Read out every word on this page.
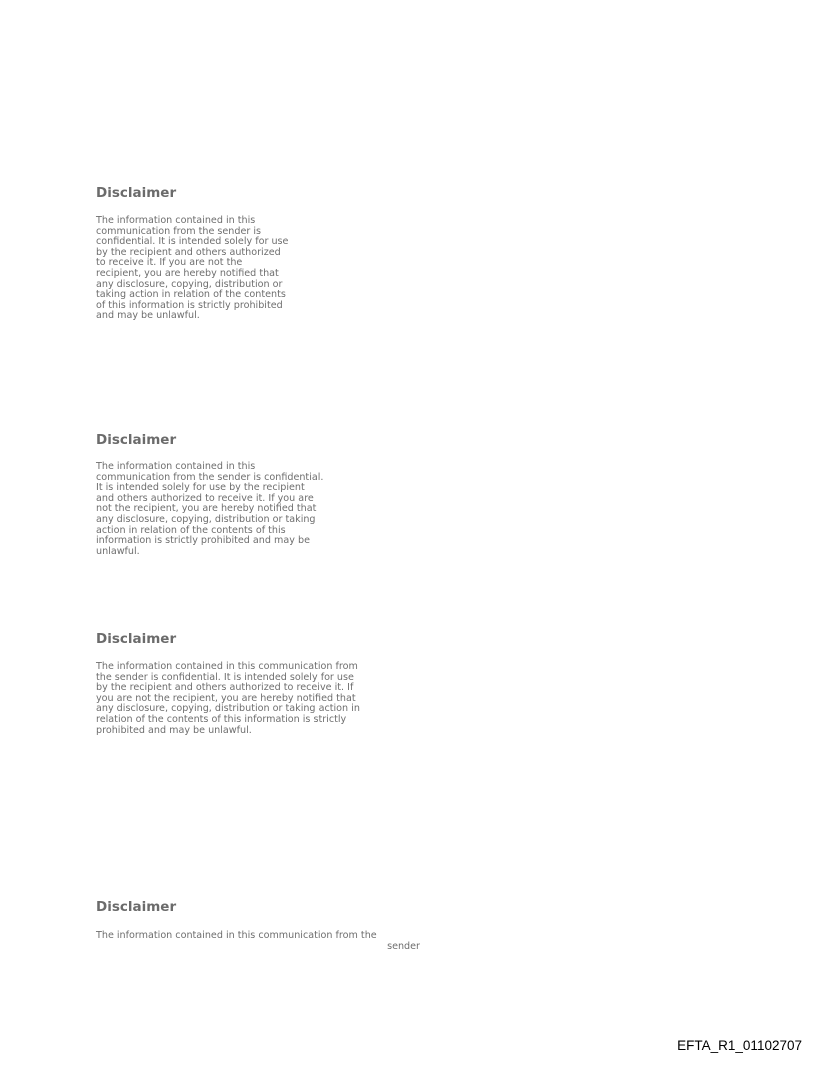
Disclaimer

The information contained in this
communication from the sender is
confidential. It is intended solely for use
by the recipient and others authorized
to receive it. If you are not the
recipient, you are hereby notified that
any disclosure, copying, distribution or
taking action in relation of the contents
of this information is strictly prohibited
and may be unlawful.

Disclaimer

The information contained in this
communication from the sender is confidential.
It is intended solely for use by the recipient
and others authorized to receive it. If you are
not the recipient, you are hereby notified that
any disclosure, copying, distribution or taking
action in relation of the contents of this
information is strictly prohibited and may be
unlawful.

Disclaimer

The information contained in this communication from
the sender is confidential. It is intended solely for use
by the recipient and others authorized to receive it. If
you are not the recipient, you are hereby notified that
any disclosure, copying, distribution or taking action in
relation of the contents of this information is strictly
prohibited and may be unlawful.

Disclaimer

The information contained in this communication from the
sender

EFTA_R1_01102707
